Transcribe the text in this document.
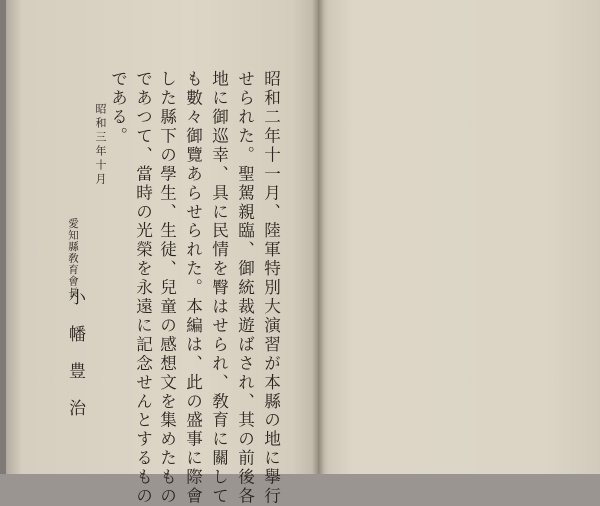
昭和二年十一月、陸軍特別大演習が本縣の地に擧行
せられた。聖駕親臨、御統裁遊ばされ、其の前後各
地に御巡幸、具に民情を臀はせられ、敎育に關して
も數々御覽あらせられた。本編は、此の盛事に際會
した縣下の學生、生徒、兒童の感想文を集めたもの
であつて、當時の光榮を永遠に記念せんとするもの
である。
昭和三年十月
愛知縣敎育會長
小幡豊治
